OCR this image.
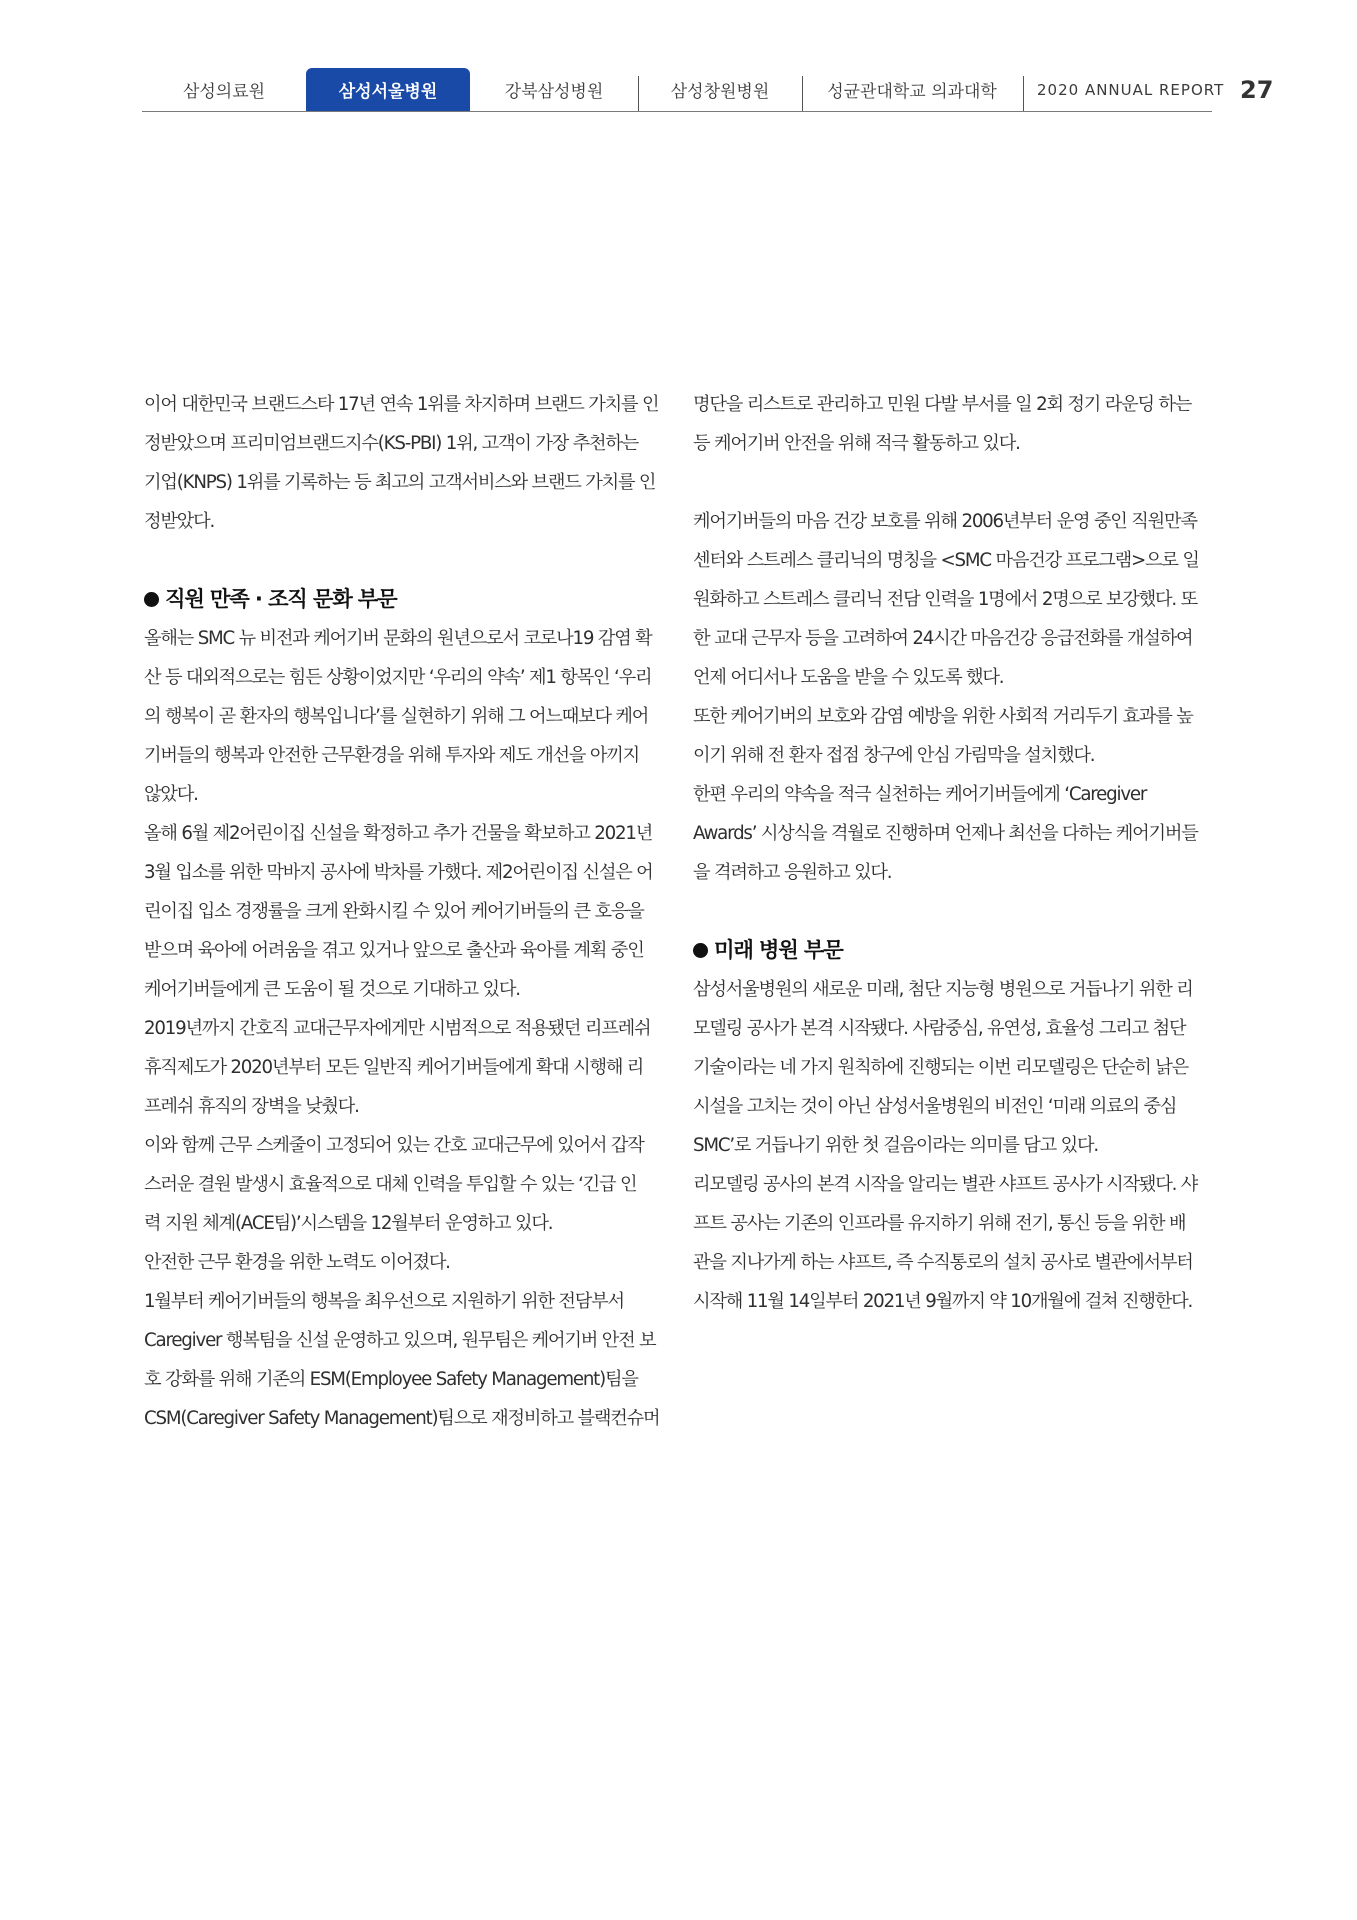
삼성의료원	삼성서울병원	강북삼성병원	삼성창원병원	성균관대학교 의과대학	2020 ANNUAL REPORT 27

이어 대한민국 브랜드스타 17년 연속 1위를 차지하며 브랜드 가치를 인

정받았으며 프리미엄브랜드지수(KS-PBI) 1위, 고객이 가장 추천하는

기업(KNPS) 1위를 기록하는 등 최고의 고객서비스와 브랜드 가치를 인

정받았다.

직원 만족 · 조직 문화 부문

올해는 SMC 뉴 비전과 케어기버 문화의 원년으로서 코로나19 감염 확

산 등 대외적으로는 힘든 상황이었지만 ‘우리의 약속’ 제1 항목인 ‘우리

의 행복이 곧 환자의 행복입니다’를 실현하기 위해 그 어느때보다 케어

기버들의 행복과 안전한 근무환경을 위해 투자와 제도 개선을 아끼지

않았다.

올해 6월 제2어린이집 신설을 확정하고 추가 건물을 확보하고 2021년

3월 입소를 위한 막바지 공사에 박차를 가했다. 제2어린이집 신설은 어

린이집 입소 경쟁률을 크게 완화시킬 수 있어 케어기버들의 큰 호응을

받으며 육아에 어려움을 겪고 있거나 앞으로 출산과 육아를 계획 중인

케어기버들에게 큰 도움이 될 것으로 기대하고 있다.

2019년까지 간호직 교대근무자에게만 시범적으로 적용됐던 리프레쉬

휴직제도가 2020년부터 모든 일반직 케어기버들에게 확대 시행해 리

프레쉬 휴직의 장벽을 낮췄다.

이와 함께 근무 스케줄이 고정되어 있는 간호 교대근무에 있어서 갑작

스러운 결원 발생시 효율적으로 대체 인력을 투입할 수 있는 ‘긴급 인

력 지원 체계(ACE팀)’시스템을 12월부터 운영하고 있다.

안전한 근무 환경을 위한 노력도 이어졌다.

1월부터 케어기버들의 행복을 최우선으로 지원하기 위한 전담부서

Caregiver 행복팀을 신설 운영하고 있으며, 원무팀은 케어기버 안전 보

호 강화를 위해 기존의 ESM(Employee Safety Management)팀을

CSM(Caregiver Safety Management)팀으로 재정비하고 블랙컨슈머

명단을 리스트로 관리하고 민원 다발 부서를 일 2회 정기 라운딩 하는

등 케어기버 안전을 위해 적극 활동하고 있다.

케어기버들의 마음 건강 보호를 위해 2006년부터 운영 중인 직원만족

센터와 스트레스 클리닉의 명칭을 <SMC 마음건강 프로그램>으로 일

원화하고 스트레스 클리닉 전담 인력을 1명에서 2명으로 보강했다. 또

한 교대 근무자 등을 고려하여 24시간 마음건강 응급전화를 개설하여

언제 어디서나 도움을 받을 수 있도록 했다.

또한 케어기버의 보호와 감염 예방을 위한 사회적 거리두기 효과를 높

이기 위해 전 환자 접점 창구에 안심 가림막을 설치했다.

한편 우리의 약속을 적극 실천하는 케어기버들에게 ‘Caregiver

Awards’ 시상식을 격월로 진행하며 언제나 최선을 다하는 케어기버들

을 격려하고 응원하고 있다.

미래 병원 부문

삼성서울병원의 새로운 미래, 첨단 지능형 병원으로 거듭나기 위한 리

모델링 공사가 본격 시작됐다. 사람중심, 유연성, 효율성 그리고 첨단

기술이라는 네 가지 원칙하에 진행되는 이번 리모델링은 단순히 낡은

시설을 고치는 것이 아닌 삼성서울병원의 비전인 ‘미래 의료의 중심

SMC’로 거듭나기 위한 첫 걸음이라는 의미를 담고 있다.

리모델링 공사의 본격 시작을 알리는 별관 샤프트 공사가 시작됐다. 샤

프트 공사는 기존의 인프라를 유지하기 위해 전기, 통신 등을 위한 배

관을 지나가게 하는 샤프트, 즉 수직통로의 설치 공사로 별관에서부터

시작해 11월 14일부터 2021년 9월까지 약 10개월에 걸쳐 진행한다.
